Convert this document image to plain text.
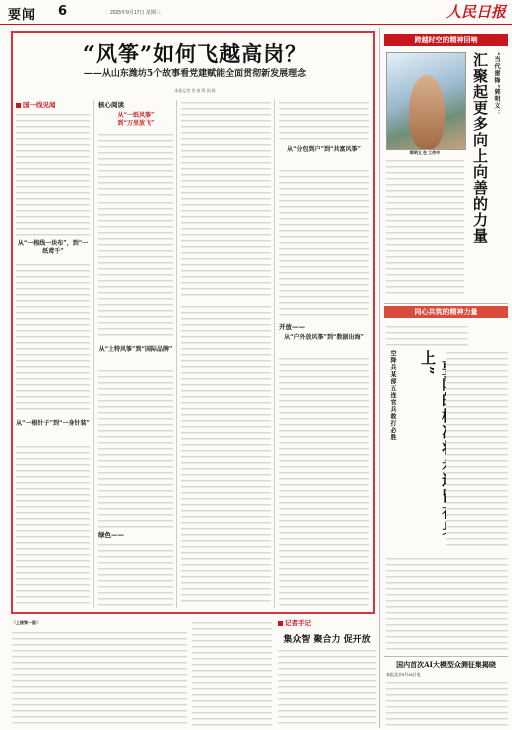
要闻 6	2025年9月17日 星期三	人民日报
“风筝”如何飞越高岗？
——从山东潍坊5个故事看党建赋能全面贯彻新发展理念
本报记者 肖 家 鸣 国 栋
国一线见闻
从“一根线一块布”，到“一纸鸢千”
从“一根针子”到“一身针装”
核心阅读
从“一纸风筝”
到“万里放飞”
从“土特风筝”到“国际品牌”
绿色——
从“分包到户”到“共富风筝”
开放——
从“户外放风筝”到“数据出海”
（上接第一版）	记者手记
集众智 聚合力 促开放
跨越时空的精神回响
“当代雷锋”郭明义：
汇聚起更多向上向善的力量
郭明义 在 工作中
同心共筑的精神力量
空降兵某部五连官兵敢打必胜 上”
国内首次AI大模型众测征集揭晓
本报北京9月16日电
